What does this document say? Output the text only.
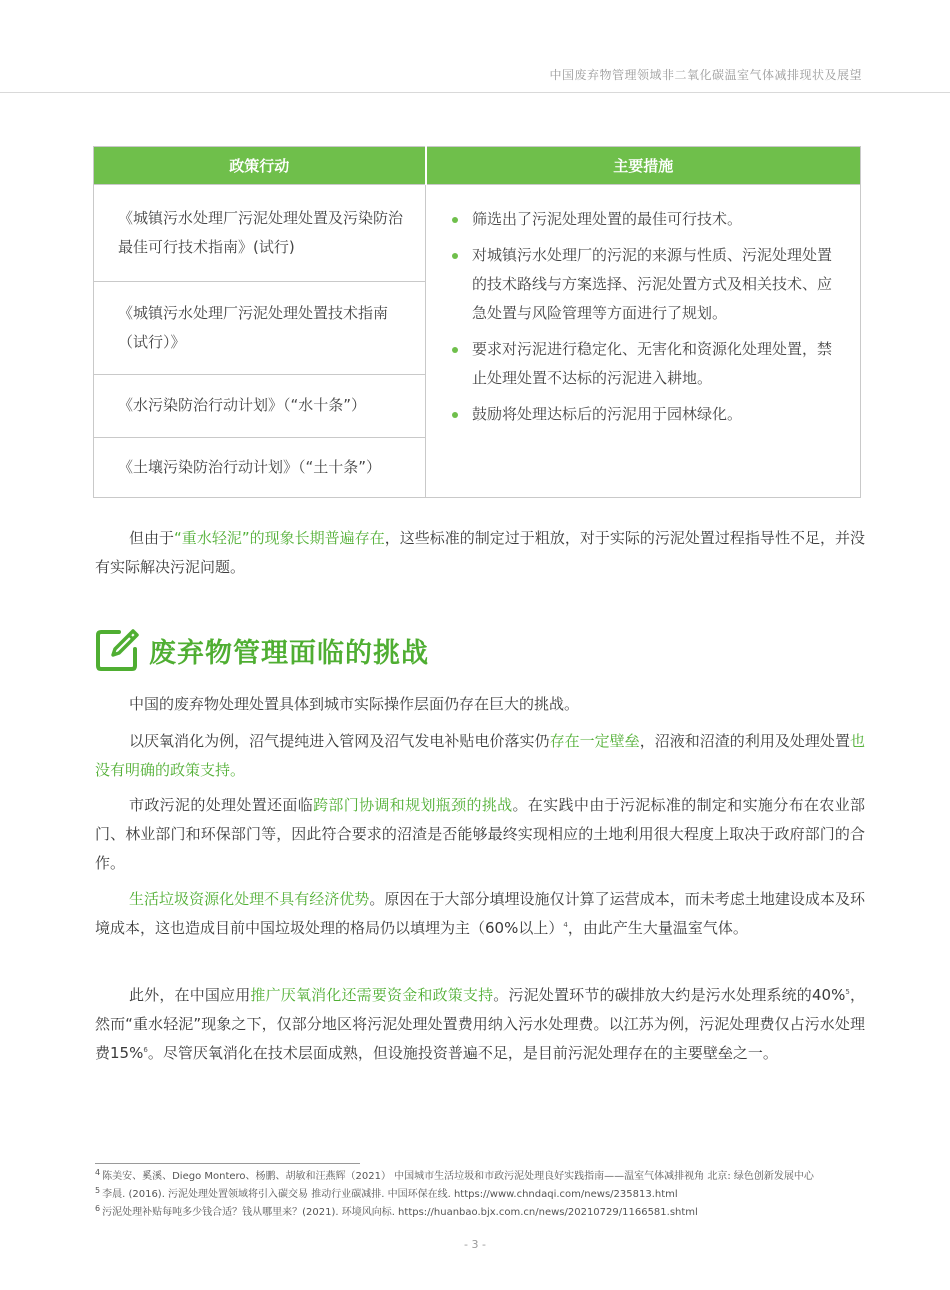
中国废弃物管理领域非二氧化碳温室气体减排现状及展望
政策行动	主要措施

《城镇污水处理厂污泥处理处置及污染防治最佳可行技术指南》(试行)	筛选出了污泥处理处置的最佳可行技术。
对城镇污水处理厂的污泥的来源与性质、污泥处理处置的技术路线与方案选择、污泥处置方式及相关技术、应急处置与风险管理等方面进行了规划。
要求对污泥进行稳定化、无害化和资源化处理处置，禁止处理处置不达标的污泥进入耕地。
鼓励将处理达标后的污泥用于园林绿化。

《城镇污水处理厂污泥处理处置技术指南（试行）》	

《水污染防治行动计划》（“水十条”）	

《土壤污染防治行动计划》（“土十条”）	

但由于“重水轻泥”的现象长期普遍存在，这些标准的制定过于粗放，对于实际的污泥处置过程指导性不足，并没有实际解决污泥问题。

废弃物管理面临的挑战

中国的废弃物处理处置具体到城市实际操作层面仍存在巨大的挑战。

以厌氧消化为例，沼气提纯进入管网及沼气发电补贴电价落实仍存在一定壁垒，沼液和沼渣的利用及处理处置也没有明确的政策支持。

市政污泥的处理处置还面临跨部门协调和规划瓶颈的挑战。在实践中由于污泥标准的制定和实施分布在农业部门、林业部门和环保部门等，因此符合要求的沼渣是否能够最终实现相应的土地利用很大程度上取决于政府部门的合作。

生活垃圾资源化处理不具有经济优势。原因在于大部分填埋设施仅计算了运营成本，而未考虑土地建设成本及环境成本，这也造成目前中国垃圾处理的格局仍以填埋为主（60%以上）$^4$，由此产生大量温室气体。

此外，在中国应用推广厌氧消化还需要资金和政策支持。污泥处置环节的碳排放大约是污水处理系统的40%$^5$，然而“重水轻泥”现象之下，仅部分地区将污泥处理处置费用纳入污水处理费。以江苏为例，污泥处理费仅占污水处理费15%$^6$。尽管厌氧消化在技术层面成熟，但设施投资普遍不足，是目前污泥处理存在的主要壁垒之一。

$^4$ 陈美安、奚溪、Diego Montero、杨鹏、胡敏和汪燕辉（2021） 中国城市生活垃圾和市政污泥处理良好实践指南——温室气体减排视角 北京: 绿色创新发展中心
$^5$ 李晨. (2016). 污泥处理处置领域将引入碳交易 推动行业碳减排. 中国环保在线. https://www.chndaqi.com/news/235813.html
$^6$ 污泥处理补贴每吨多少钱合适？钱从哪里来？(2021). 环境风向标. https://huanbao.bjx.com.cn/news/20210729/1166581.shtml
- 3 -
